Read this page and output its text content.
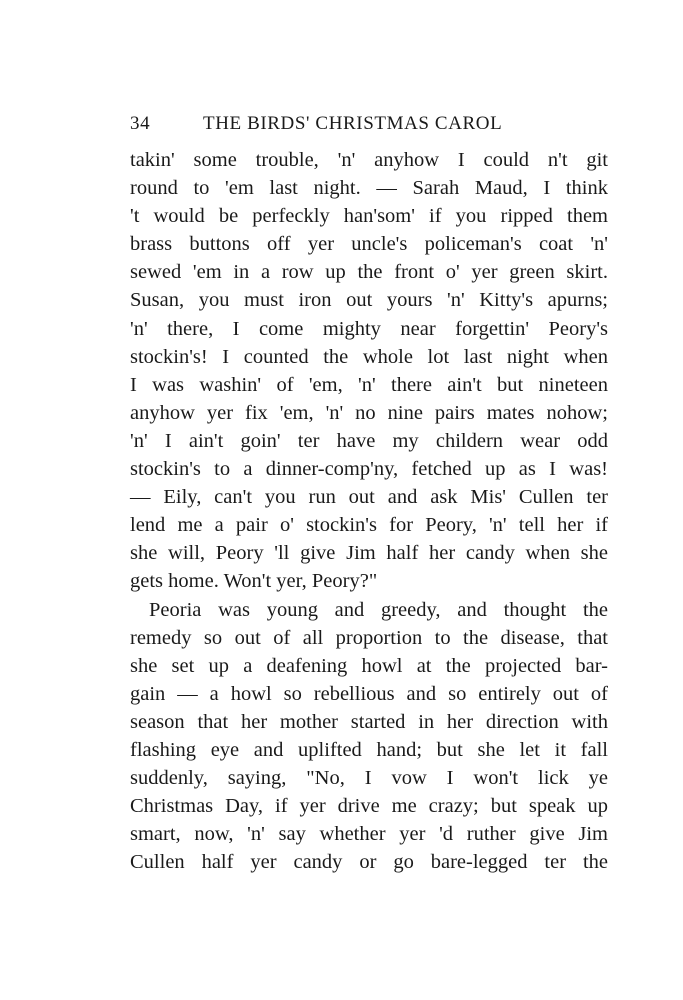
34	THE BIRDS' CHRISTMAS CAROL
takin' some trouble, 'n' anyhow I could n't git
round to 'em last night. — Sarah Maud, I think
't would be perfeckly han'som' if you ripped them
brass buttons off yer uncle's policeman's coat 'n'
sewed 'em in a row up the front o' yer green skirt.
Susan, you must iron out yours 'n' Kitty's apurns;
'n' there, I come mighty near forgettin' Peory's
stockin's! I counted the whole lot last night when
I was washin' of 'em, 'n' there ain't but nineteen
anyhow yer fix 'em, 'n' no nine pairs mates nohow;
'n' I ain't goin' ter have my childern wear odd
stockin's to a dinner-comp'ny, fetched up as I was!
— Eily, can't you run out and ask Mis' Cullen ter
lend me a pair o' stockin's for Peory, 'n' tell her if
she will, Peory 'll give Jim half her candy when she
gets home. Won't yer, Peory?"
Peoria was young and greedy, and thought the
remedy so out of all proportion to the disease, that
she set up a deafening howl at the projected bar-
gain — a howl so rebellious and so entirely out of
season that her mother started in her direction with
flashing eye and uplifted hand; but she let it fall
suddenly, saying, "No, I vow I won't lick ye
Christmas Day, if yer drive me crazy; but speak up
smart, now, 'n' say whether yer 'd ruther give Jim
Cullen half yer candy or go bare-legged ter the
